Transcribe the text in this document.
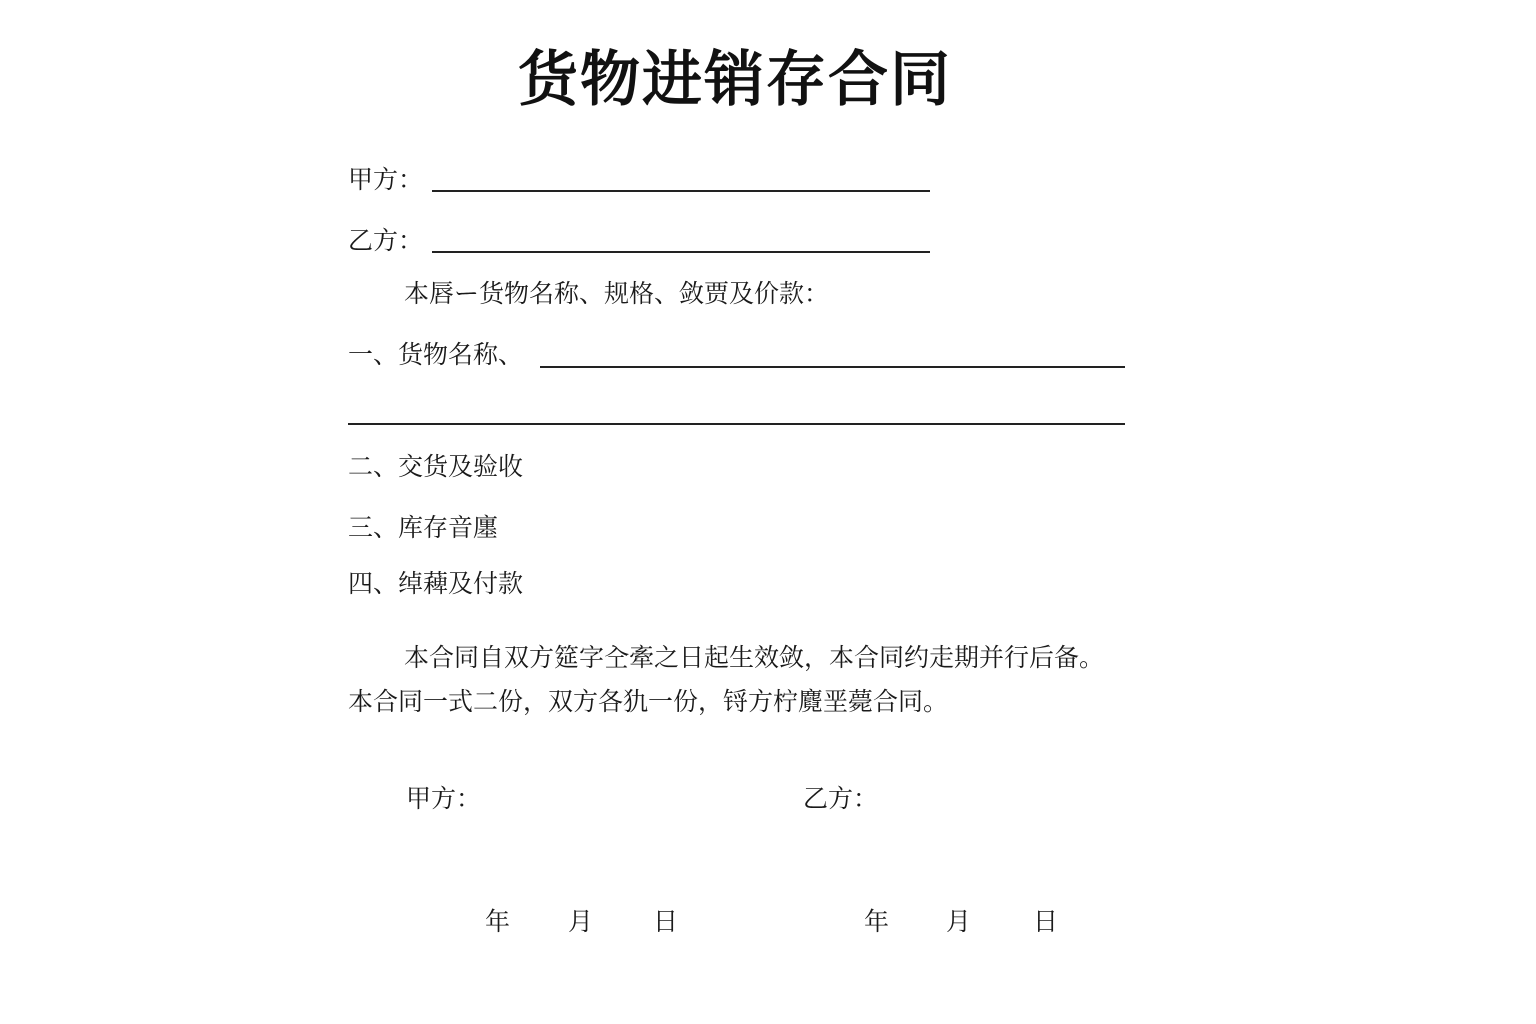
货物进销存合同
甲方：
乙方：
本唇ー货物名称、规格、敛贾及价款：
一、货物名称、
二、交货及验收
三、库存音廛
四、绰薭及付款
本合同自双方筵字㒰牽之日起生效敛，本合同约走期并行后备。
本合同一式二份，双方各犰一份，锊方柠麑垩薨合同。
甲方：	乙方：
年 月 日	年 月 日
